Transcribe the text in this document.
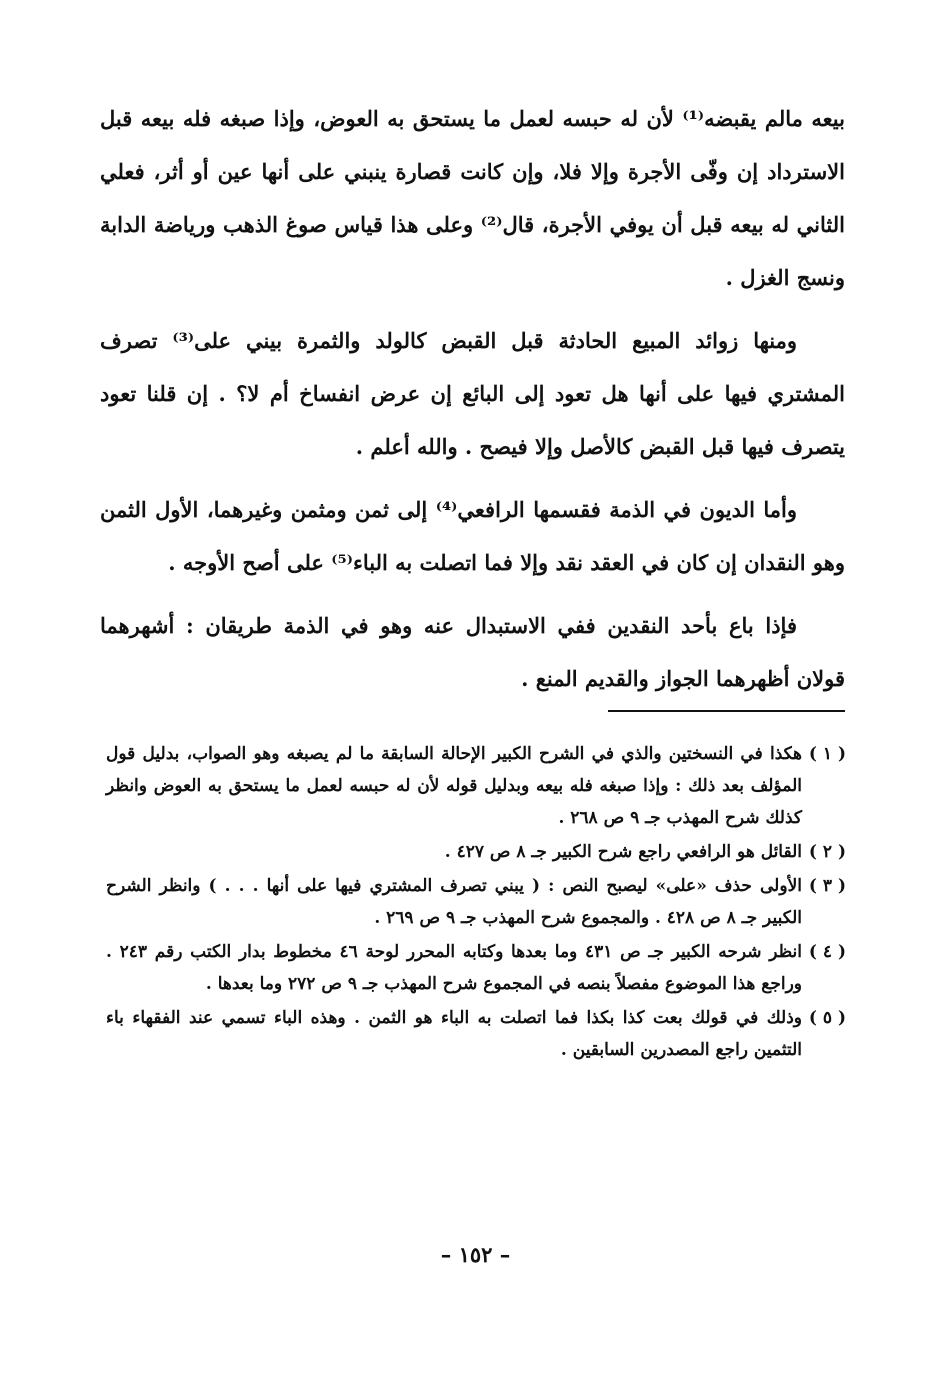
بيعه مالم يقبضه⁽¹⁾ لأن له حبسه لعمل ما يستحق به العوض، وإذا صبغه فله بيعه قبل الاسترداد إن وفّى الأجرة وإلا فلا، وإن كانت قصارة ينبني على أنها عين أو أثر، فعلي الثاني له بيعه قبل أن يوفي الأجرة، قال⁽²⁾ وعلى هذا قياس صوغ الذهب ورياضة الدابة ونسج الغزل .

ومنها زوائد المبيع الحادثة قبل القبض كالولد والثمرة بيني على⁽³⁾ تصرف المشتري فيها على أنها هل تعود إلى البائع إن عرض انفساخ أم لا؟ . إن قلنا تعود يتصرف فيها قبل القبض كالأصل وإلا فيصح . والله أعلم .

وأما الديون في الذمة فقسمها الرافعي⁽⁴⁾ إلى ثمن ومثمن وغيرهما، الأول الثمن وهو النقدان إن كان في العقد نقد وإلا فما اتصلت به الباء⁽⁵⁾ على أصح الأوجه .

فإذا باع بأحد النقدين ففي الاستبدال عنه وهو في الذمة طريقان : أشهرهما قولان أظهرهما الجواز والقديم المنع .

( ١ )
هكذا في النسختين والذي في الشرح الكبير الإحالة السابقة ما لم يصبغه وهو الصواب، بدليل قول المؤلف بعد ذلك : وإذا صبغه فله بيعه وبدليل قوله لأن له حبسه لعمل ما يستحق به العوض وانظر كذلك شرح المهذب جـ ٩ ص ٢٦٨ .
( ٢ )
القائل هو الرافعي راجع شرح الكبير جـ ٨ ص ٤٢٧ .
( ٣ )
الأولى حذف «على» ليصبح النص : ( يبني تصرف المشتري فيها على أنها . . . ) وانظر الشرح الكبير جـ ٨ ص ٤٢٨ . والمجموع شرح المهذب جـ ٩ ص ٢٦٩ .
( ٤ )
انظر شرحه الكبير جـ ص ٤٣١ وما بعدها وكتابه المحرر لوحة ٤٦ مخطوط بدار الكتب رقم ٢٤٣ . وراجع هذا الموضوع مفصلاً بنصه في المجموع شرح المهذب جـ ٩ ص ٢٧٢ وما بعدها .
( ٥ )
وذلك في قولك بعت كذا بكذا فما اتصلت به الباء هو الثمن . وهذه الباء تسمي عند الفقهاء باء التثمين راجع المصدرين السابقين .
– ١٥٢ –
